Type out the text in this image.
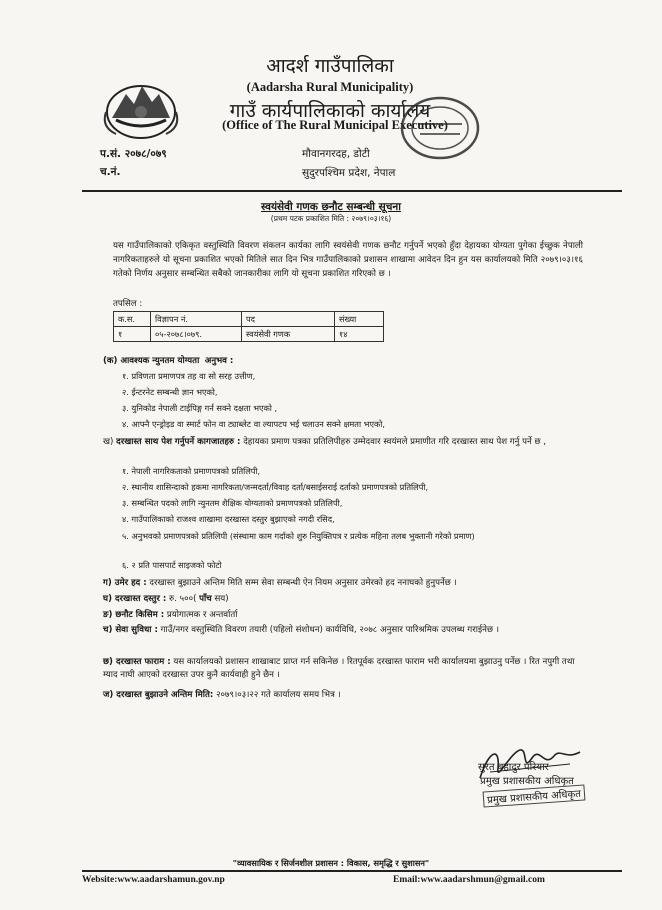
आदर्श गाउँपालिका
(Aadarsha Rural Municipality)
गाउँ कार्यपालिकाको कार्यालय
(Office of The Rural Municipal Executive)
प.सं. २०७८/०७९
च.नं.
मौवानगरदह, डोटी
सुदुरपश्चिम प्रदेश, नेपाल
स्वयंसेवी गणक छनौट सम्बन्धी सूचना
(प्रथम पटक प्रकाशित मिति : २०७९।०३।१६)
यस गाउँपालिकाको एकिकृत वस्तुस्थिति विवरण संकलन कार्यका लागि स्वयंसेवी गणक छनौट गर्नुपर्ने भएको हुँदा देहायका योग्यता पुगेका ईच्छुक नेपाली नागरिकताहरुले यो सूचना प्रकाशित भएको मितिले सात दिन भित्र गाउँपालिकाको प्रशासन शाखामा आवेदन दिन हुन यस कार्यालयको मिति २०७९।०३।१६ गतेको निर्णय अनुसार सम्बन्धित सबैको जानकारीका लागि यो सूचना प्रकाशित गरिएको छ ।
तपसिल :
क.स.	विज्ञापन नं.	पद	संख्या
१	०५-२०७८।०७९.	स्वयंसेवी गणक	१४
(क) आवश्यक न्युनतम योग्यता अनुभव :
१. प्रविणता प्रमाणपत्र तह वा सो सरह उत्तीण,
२. ईन्टरनेट सम्बन्धी ज्ञान भएको,
३. युनिकोड नेपाली टाईपिङ्ग गर्न सक्ने दक्षता भएको ,
४. आफ्नै एन्ड्रोइड वा स्मार्ट फोन वा ट्याब्लेट वा ल्यापटप भई चलाउन सक्ने क्षमता भएको,
ख) दरखास्त साथ पेश गर्नुपर्ने कागजातहरु : देहायका प्रमाण पत्रका प्रतिलिपीहरु उम्मेदवार स्वयंमले प्रमाणीत गरि दरखास्त साथ पेश गर्नु पर्ने छ ,
१. नेपाली नागरिकताको प्रमाणपत्रको प्रतिलिपी,
२. स्थानीय शासिन्दाको हकमा नागरिकता/जन्मदर्ता/विवाह दर्ता/बसाईसराई दर्ताको प्रमाणपत्रको प्रतिलिपी,
३. सम्बन्धित पदको लागि न्युनतम शैक्षिक योग्यताको प्रमाणपत्रको प्रतिलिपी,
४. गाउँपालिकाको राजश्व शाखामा दरखास्त दस्तुर बुझाएको नगदी रसिद,
५. अनुभवको प्रमाणपत्रको प्रतिलिपी (संस्थामा काम गर्दाको शुरु नियुक्तिपत्र र प्रत्येक महिना तलब भुक्तानी गरेको प्रमाण)
६. २ प्रति पासपार्ट साइजको फोटो
ग) उमेर हद : दरखास्त बुझाउने अन्तिम मिति सम्म सेवा सम्बन्धी ऐन नियम अनुसार उमेरको हद ननाघको हुनुपर्नेछ ।
घ) दरखास्त दस्तुर : रु. ५००( पाँच सय)
ङ) छनौट किसिम : प्रयोगात्मक र अन्तर्वार्ता
च) सेवा सुविधा : गाउँ/नगर वस्तुस्थिति विवरण तयारी (पहिलो संशोधन) कार्यविधि, २०७८ अनुसार पारिश्रमिक उपलब्ध गराईनेछ ।
छ) दरखास्त फाराम : यस कार्यालयको प्रशासन शाखाबाट प्राप्त गर्न सकिनेछ । रितपूर्वक दरखास्त फाराम भरी कार्यालयमा बुझाउनु पर्नेछ । रित नपुगी तथा म्याद नाघी आएको दरखास्त उपर कुनै कार्यवाही हुने छैन ।
ज) दरखास्त बुझाउने अन्तिम मिति: २०७९।०३।२२ गते कार्यालय समय भित्र ।
सुरत बहादुर परियार
प्रमुख प्रशासकीय अधिकृत
प्रमुख प्रशासकीय अधिकृत
"व्यावसायिक र सिर्जनशील प्रशासन : विकास, समृद्धि र सुशासन"
Website:www.aadarshamun.gov.np	Email:www.aadarshmun@gmail.com
